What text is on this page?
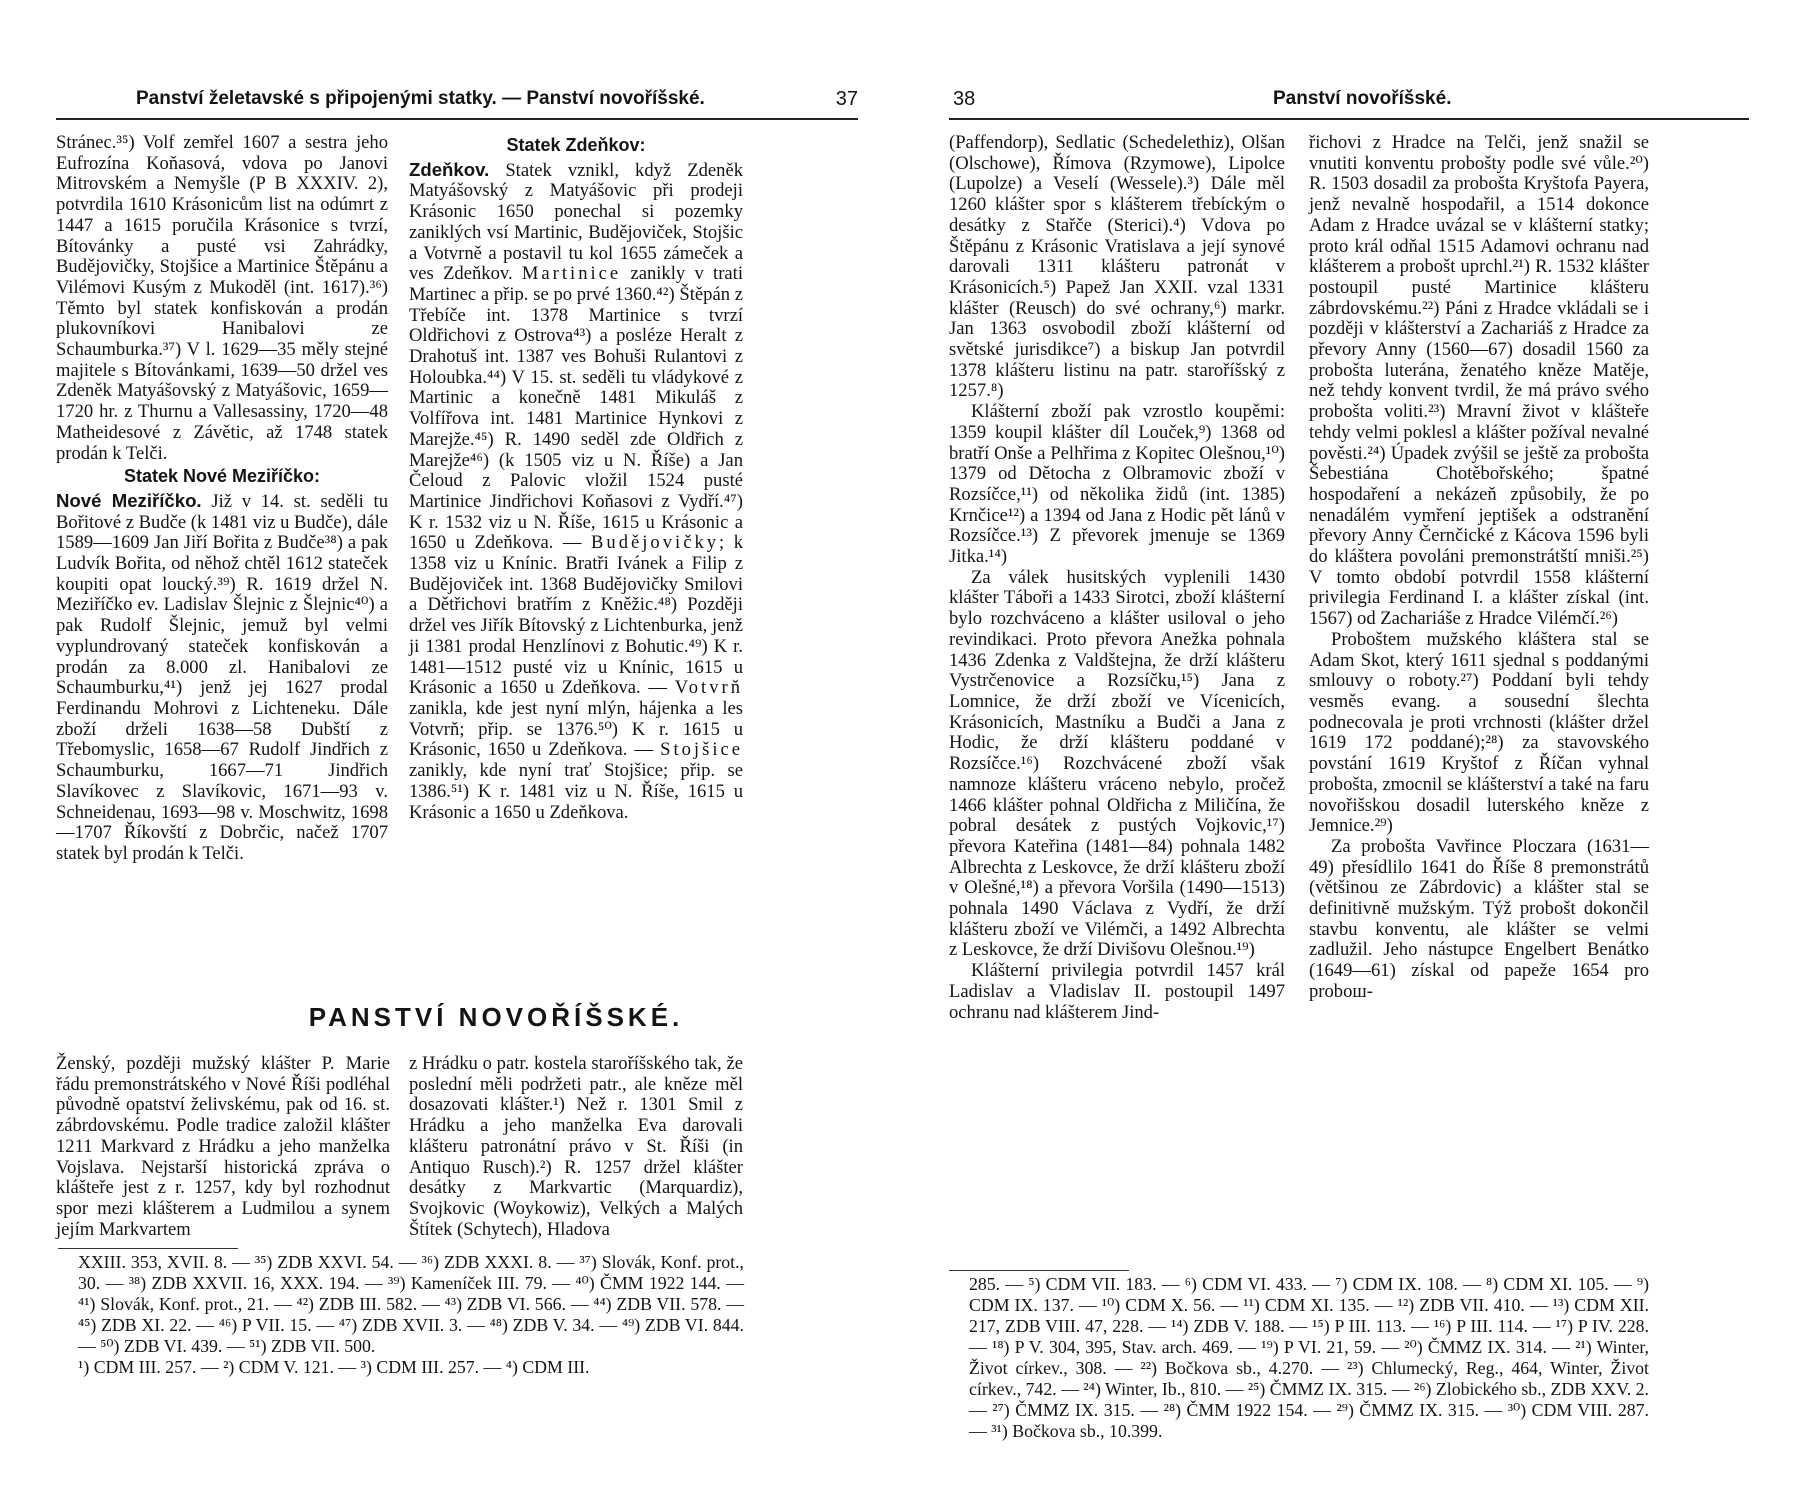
Panství želetavské s připojenými statky. — Panství novoříšské.	37

Stránec.³⁵) Volf zemřel 1607 a sestra jeho Eufrozína Koňasová, vdova po Janovi Mitrovském a Nemyšle (P B XXXIV. 2), potvrdila 1610 Krásonicům list na odúmrt z 1447 a 1615 poručila Krásonice s tvrzí, Bítovánky a pusté vsi Zahrádky, Budějovičky, Stojšice a Martinice Štěpánu a Vilémovi Kusým z Mukoděl (int. 1617).³⁶) Těmto byl statek konfiskován a prodán plukovníkovi Hanibalovi ze Schaumburka.³⁷) V l. 1629—35 měly stejné majitele s Bítovánkami, 1639—50 držel ves Zdeněk Matyášovský z Matyášovic, 1659—1720 hr. z Thurnu a Vallesassiny, 1720—48 Matheidesové z Závětic, až 1748 statek prodán k Telči.

Statek Nové Meziříčko:

Nové Meziříčko. Již v 14. st. seděli tu Bořitové z Budče (k 1481 viz u Budče), dále 1589—1609 Jan Jiří Bořita z Budče³⁸) a pak Ludvík Bořita, od něhož chtěl 1612 stateček koupiti opat loucký.³⁹) R. 1619 držel N. Meziříčko ev. Ladislav Šlejnic z Šlejnic⁴⁰) a pak Rudolf Šlejnic, jemuž byl velmi vyplundrovaný stateček konfiskován a prodán za 8.000 zl. Hanibalovi ze Schaumburku,⁴¹) jenž jej 1627 prodal Ferdinandu Mohrovi z Lichteneku. Dále zboží drželi 1638—58 Dubští z Třebomyslic, 1658—67 Rudolf Jindřich z Schaumburku, 1667—71 Jindřich Slavíkovec z Slavíkovic, 1671—93 v. Schneidenau, 1693—98 v. Moschwitz, 1698—1707 Říkovští z Dobrčic, načež 1707 statek byl prodán k Telči.

Statek Zdeňkov:

Zdeňkov. Statek vznikl, když Zdeněk Matyášovský z Matyášovic při prodeji Krásonic 1650 ponechal si pozemky zaniklých vsí Martinic, Budějoviček, Stojšic a Votvrně a postavil tu kol 1655 zámeček a ves Zdeňkov. Martinice zanikly v trati Martinec a přip. se po prvé 1360.⁴²) Štěpán z Třebíče int. 1378 Martinice s tvrzí Oldřichovi z Ostrova⁴³) a posléze Heralt z Drahotuš int. 1387 ves Bohuši Rulantovi z Holoubka.⁴⁴) V 15. st. seděli tu vládykové z Martinic a konečně 1481 Mikuláš z Volfířova int. 1481 Martinice Hynkovi z Marejže.⁴⁵) R. 1490 seděl zde Oldřich z Marejže⁴⁶) (k 1505 viz u N. Říše) a Jan Čeloud z Palovic vložil 1524 pusté Martinice Jindřichovi Koňasovi z Vydří.⁴⁷) K r. 1532 viz u N. Říše, 1615 u Krásonic a 1650 u Zdeňkova. — Budějovičky; k 1358 viz u Knínic. Bratři Ivánek a Filip z Budějoviček int. 1368 Budějovičky Smilovi a Dětřichovi bratřím z Kněžic.⁴⁸) Později držel ves Jiřík Bítovský z Lichtenburka, jenž ji 1381 prodal Henzlínovi z Bohutic.⁴⁹) K r. 1481—1512 pusté viz u Knínic, 1615 u Krásonic a 1650 u Zdeňkova. — Votvrň zanikla, kde jest nyní mlýn, hájenka a les Votvrň; přip. se 1376.⁵⁰) K r. 1615 u Krásonic, 1650 u Zdeňkova. — Stojšice zanikly, kde nyní trať Stojšice; přip. se 1386.⁵¹) K r. 1481 viz u N. Říše, 1615 u Krásonic a 1650 u Zdeňkova.

PANSTVÍ NOVOŘÍŠSKÉ.

Ženský, později mužský klášter P. Marie řádu premonstrátského v Nové Říši podléhal původně opatství želivskému, pak od 16. st. zábrdovskému. Podle tradice založil klášter 1211 Markvard z Hrádku a jeho manželka Vojslava. Nejstarší historická zpráva o klášteře jest z r. 1257, kdy byl rozhodnut spor mezi klášterem a Ludmilou a synem jejím Markvartem

z Hrádku o patr. kostela staroříšského tak, že poslední měli podržeti patr., ale kněze měl dosazovati klášter.¹) Než r. 1301 Smil z Hrádku a jeho manželka Eva darovali klášteru patronátní právo v St. Říši (in Antiquo Rusch).²) R. 1257 držel klášter desátky z Markvartic (Marquardiz), Svojkovic (Woykowiz), Velkých a Malých Štítek (Schytech), Hladova

XXIII. 353, XVII. 8. — ³⁵) ZDB XXVI. 54. — ³⁶) ZDB XXXI. 8. — ³⁷) Slovák, Konf. prot., 30. — ³⁸) ZDB XXVII. 16, XXX. 194. — ³⁹) Kameníček III. 79. — ⁴⁰) ČMM 1922 144. — ⁴¹) Slovák, Konf. prot., 21. — ⁴²) ZDB III. 582. — ⁴³) ZDB VI. 566. — ⁴⁴) ZDB VII. 578. — ⁴⁵) ZDB XI. 22. — ⁴⁶) P VII. 15. — ⁴⁷) ZDB XVII. 3. — ⁴⁸) ZDB V. 34. — ⁴⁹) ZDB VI. 844. — ⁵⁰) ZDB VI. 439. — ⁵¹) ZDB VII. 500.

¹) CDM III. 257. — ²) CDM V. 121. — ³) CDM III. 257. — ⁴) CDM III.

38	Panství novoříšské.

(Paffendorp), Sedlatic (Schedelethiz), Olšan (Olschowe), Římova (Rzymowe), Lipolce (Lupolze) a Veselí (Wessele).³) Dále měl 1260 klášter spor s klášterem třebíckým o desátky z Stařče (Sterici).⁴) Vdova po Štěpánu z Krásonic Vratislava a její synové darovali 1311 klášteru patronát v Krásonicích.⁵) Papež Jan XXII. vzal 1331 klášter (Reusch) do své ochrany,⁶) markr. Jan 1363 osvobodil zboží klášterní od světské jurisdikce⁷) a biskup Jan potvrdil 1378 klášteru listinu na patr. staroříšský z 1257.⁸)

Klášterní zboží pak vzrostlo koupěmi: 1359 koupil klášter díl Louček,⁹) 1368 od bratří Onše a Pelhřima z Kopitec Olešnou,¹⁰) 1379 od Dětocha z Olbramovic zboží v Rozsíčce,¹¹) od několika židů (int. 1385) Krnčice¹²) a 1394 od Jana z Hodic pět lánů v Rozsíčce.¹³) Z převorek jmenuje se 1369 Jitka.¹⁴)

Za válek husitských vyplenili 1430 klášter Táboři a 1433 Sirotci, zboží klášterní bylo rozchváceno a klášter usiloval o jeho revindikaci. Proto převora Anežka pohnala 1436 Zdenka z Valdštejna, že drží klášteru Vystrčenovice a Rozsíčku,¹⁵) Jana z Lomnice, že drží zboží ve Vícenicích, Krásonicích, Mastníku a Budči a Jana z Hodic, že drží klášteru poddané v Rozsíčce.¹⁶) Rozchvácené zboží však namnoze klášteru vráceno nebylo, pročež 1466 klášter pohnal Oldřicha z Miličína, že pobral desátek z pustých Vojkovic,¹⁷) převora Kateřina (1481—84) pohnala 1482 Albrechta z Leskovce, že drží klášteru zboží v Olešné,¹⁸) a převora Voršila (1490—1513) pohnala 1490 Václava z Vydří, že drží klášteru zboží ve Vilémči, a 1492 Albrechta z Leskovce, že drží Divišovu Olešnou.¹⁹)

Klášterní privilegia potvrdil 1457 král Ladislav a Vladislav II. postoupil 1497 ochranu nad klášterem Jind-

řichovi z Hradce na Telči, jenž snažil se vnutiti konventu proboštу podle své vůle.²⁰) R. 1503 dosadil za probošta Kryštofa Payera, jenž nevalně hospodařil, a 1514 dokonce Adam z Hradce uvázal se v klášterní statky; proto král odňal 1515 Adamovi ochranu nad klášterem a probošt uprchl.²¹) R. 1532 klášter postoupil pusté Martinice klášteru zábrdovskému.²²) Páni z Hradce vkládali se i později v klášterství a Zachariáš z Hradce za převory Anny (1560—67) dosadil 1560 za probošta luterána, ženatého kněze Matěje, než tehdy konvent tvrdil, že má právo svého probošta voliti.²³) Mravní život v klášteře tehdy velmi poklesl a klášter požíval nevalné pověsti.²⁴) Úpadek zvýšil se ještě za probošta Šebestiána Chotěbořského; špatné hospodaření a nekázeň způsobily, že po nenadálém vymření jeptišek a odstranění převory Anny Černčické z Kácova 1596 byli do kláštera povoláni premonstrátští mniši.²⁵) V tomto období potvrdil 1558 klášterní privilegia Ferdinand I. a klášter získal (int. 1567) od Zachariáše z Hradce Vilémčí.²⁶)

Proboštem mužského kláštera stal se Adam Skot, který 1611 sjednal s poddanými smlouvy o roboty.²⁷) Poddaní byli tehdy vesměs evang. a sousední šlechta podnecovala je proti vrchnosti (klášter držel 1619 172 poddané);²⁸) za stavovského povstání 1619 Kryštof z Říčan vyhnal probošta, zmocnil se klášterství a také na faru novořišskou dosadil luterského kněze z Jemnice.²⁹)

Za probošta Vavřince Ploczara (1631—49) přesídlilo 1641 do Říše 8 premonstrátů (většinou ze Zábrdovic) a klášter stal se definitivně mužským. Týž probošt dokončil stavbu konventu, ale klášter se velmi zadlužil. Jeho nástupce Engelbert Benátko (1649—61) získal od papeže 1654 pro probош-

285. — ⁵) CDM VII. 183. — ⁶) CDM VI. 433. — ⁷) CDM IX. 108. — ⁸) CDM XI. 105. — ⁹) CDM IX. 137. — ¹⁰) CDM X. 56. — ¹¹) CDM XI. 135. — ¹²) ZDB VII. 410. — ¹³) CDM XII. 217, ZDB VIII. 47, 228. — ¹⁴) ZDB V. 188. — ¹⁵) P III. 113. — ¹⁶) P III. 114. — ¹⁷) P IV. 228. — ¹⁸) P V. 304, 395, Stav. arch. 469. — ¹⁹) P VI. 21, 59. — ²⁰) ČMMZ IX. 314. — ²¹) Winter, Život církev., 308. — ²²) Bočkova sb., 4.270. — ²³) Chlumecký, Reg., 464, Winter, Život církev., 742. — ²⁴) Winter, Ib., 810. — ²⁵) ČMMZ IX. 315. — ²⁶) Zlobického sb., ZDB XXV. 2. — ²⁷) ČMMZ IX. 315. — ²⁸) ČMM 1922 154. — ²⁹) ČMMZ IX. 315. — ³⁰) CDM VIII. 287. — ³¹) Bočkova sb., 10.399.
